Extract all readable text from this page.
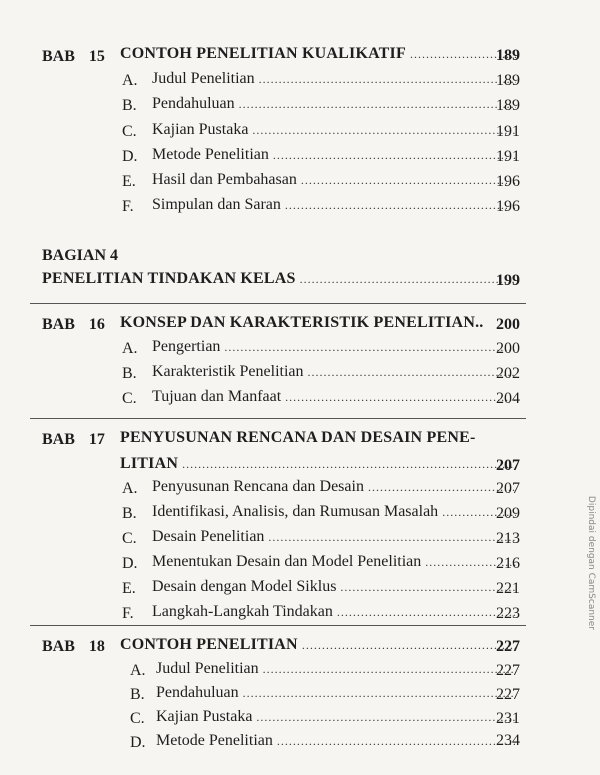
BAB 15 CONTOH PENELITIAN KUALIKATIF .....	189
A. Judul Penelitian .....	189
B. Pendahuluan .....	189
C. Kajian Pustaka .....	191
D. Metode Penelitian .....	191
E. Hasil dan Pembahasan .....	196
F. Simpulan dan Saran .....	196
BAGIAN 4
PENELITIAN TINDAKAN KELAS .....	199
BAB 16 KONSEP DAN KARAKTERISTIK PENELITIAN.. 200
A. Pengertian .....	200
B. Karakteristik Penelitian .....	202
C. Tujuan dan Manfaat .....	204
BAB 17 PENYUSUNAN RENCANA DAN DESAIN PENE-
LITIAN .....	207
A. Penyusunan Rencana dan Desain .....	207
B. Identifikasi, Analisis, dan Rumusan Masalah .....	209
C. Desain Penelitian .....	213
D. Menentukan Desain dan Model Penelitian .....	216
E. Desain dengan Model Siklus .....	221
F. Langkah-Langkah Tindakan .....	223
BAB 18 CONTOH PENELITIAN .....	227
A. Judul Penelitian .....	227
B. Pendahuluan .....	227
C. Kajian Pustaka .....	231
D. Metode Penelitian .....	234
Dipindai dengan CamScanner
